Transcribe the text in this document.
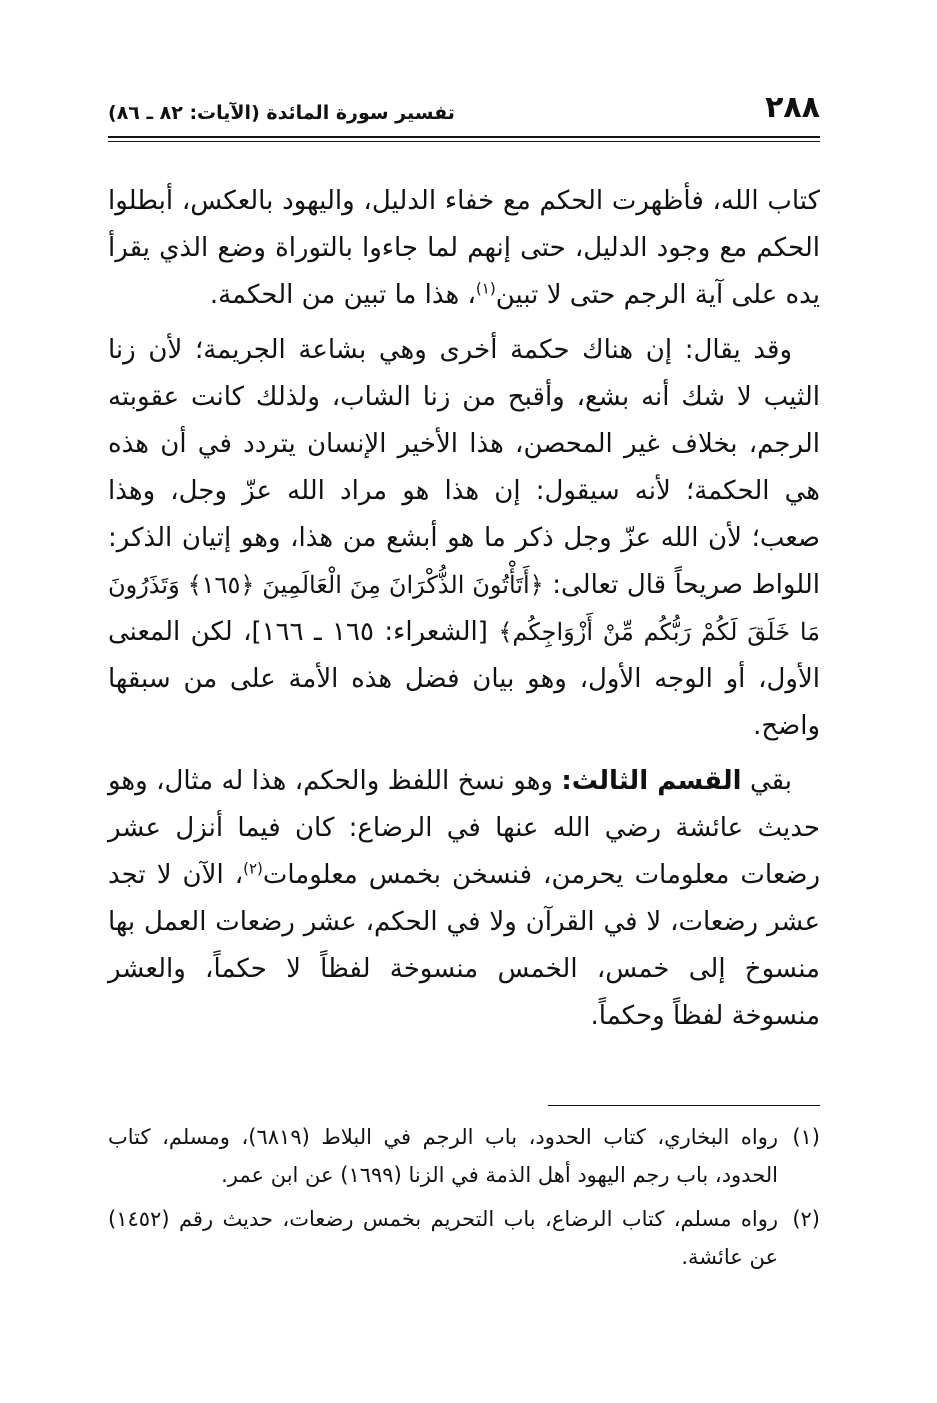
٢٨٨
تفسير سورة المائدة (الآيات: ٨٢ ـ ٨٦)

كتاب الله، فأظهرت الحكم مع خفاء الدليل، واليهود بالعكس، أبطلوا الحكم مع وجود الدليل، حتى إنهم لما جاءوا بالتوراة وضع الذي يقرأ يده على آية الرجم حتى لا تبين$^{(١)}$، هذا ما تبين من الحكمة.

وقد يقال: إن هناك حكمة أخرى وهي بشاعة الجريمة؛ لأن زنا الثيب لا شك أنه بشع، وأقبح من زنا الشاب، ولذلك كانت عقوبته الرجم، بخلاف غير المحصن، هذا الأخير الإنسان يتردد في أن هذه هي الحكمة؛ لأنه سيقول: إن هذا هو مراد الله عزّ وجل، وهذا صعب؛ لأن الله عزّ وجل ذكر ما هو أبشع من هذا، وهو إتيان الذكر: اللواط صريحاً قال تعالى: ﴿أَتَأْتُونَ الذُّكْرَانَ مِنَ الْعَالَمِينَ ﴿١٦٥﴾ وَتَذَرُونَ مَا خَلَقَ لَكُمْ رَبُّكُم مِّنْ أَزْوَاجِكُم﴾ [الشعراء: ١٦٥ ـ ١٦٦]، لكن المعنى الأول، أو الوجه الأول، وهو بيان فضل هذه الأمة على من سبقها واضح.

بقي القسم الثالث: وهو نسخ اللفظ والحكم، هذا له مثال، وهو حديث عائشة رضي الله عنها في الرضاع: كان فيما أنزل عشر رضعات معلومات يحرمن، فنسخن بخمس معلومات$^{(٢)}$، الآن لا تجد عشر رضعات، لا في القرآن ولا في الحكم، عشر رضعات العمل بها منسوخ إلى خمس، الخمس منسوخة لفظاً لا حكماً، والعشر منسوخة لفظاً وحكماً.

(١)
رواه البخاري، كتاب الحدود، باب الرجم في البلاط (٦٨١٩)، ومسلم، كتاب الحدود، باب رجم اليهود أهل الذمة في الزنا (١٦٩٩) عن ابن عمر.
(٢)
رواه مسلم، كتاب الرضاع، باب التحريم بخمس رضعات، حديث رقم (١٤٥٢) عن عائشة.
